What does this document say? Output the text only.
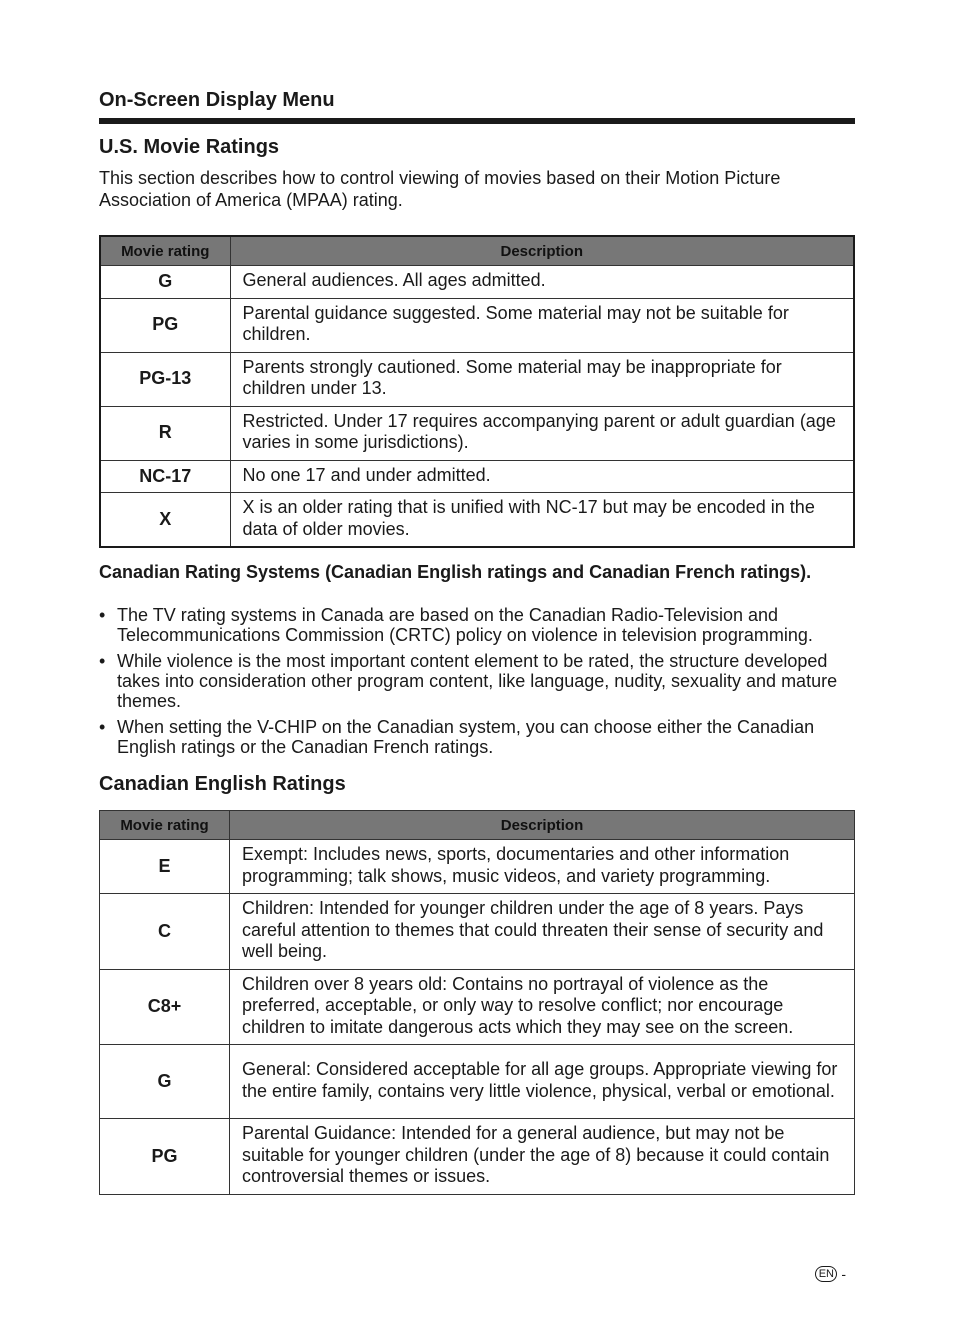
On-Screen Display Menu
U.S. Movie Ratings

This section describes how to control viewing of movies based on their Motion Picture Association of America (MPAA) rating.

Movie rating	Description
G	General audiences. All ages admitted.
PG	Parental guidance suggested. Some material may not be suitable for children.
PG-13	Parents strongly cautioned. Some material may be inappropriate for children under 13.
R	Restricted. Under 17 requires accompanying parent or adult guardian (age varies in some jurisdictions).
NC-17	No one 17 and under admitted.
X	X is an older rating that is unified with NC-17 but may be encoded in the data of older movies.

Canadian Rating Systems (Canadian English ratings and Canadian French ratings).

• The TV rating systems in Canada are based on the Canadian Radio-Television and Telecommunications Commission (CRTC) policy on violence in television programming.
• While violence is the most important content element to be rated, the structure developed takes into consideration other program content, like language, nudity, sexuality and mature themes.
• When setting the V-CHIP on the Canadian system, you can choose either the Canadian English ratings or the Canadian French ratings.
Canadian English Ratings
Movie rating	Description
E	Exempt: Includes news, sports, documentaries and other information programming; talk shows, music videos, and variety programming.
C	Children: Intended for younger children under the age of 8 years. Pays careful attention to themes that could threaten their sense of security and well being.
C8+	Children over 8 years old: Contains no portrayal of violence as the preferred, acceptable, or only way to resolve conflict; nor encourage children to imitate dangerous acts which they may see on the screen.
G	General: Considered acceptable for all age groups. Appropriate viewing for the entire family, contains very little violence, physical, verbal or emotional.
PG	Parental Guidance: Intended for a general audience, but may not be suitable for younger children (under the age of 8) because it could contain controversial themes or issues.
EN -
